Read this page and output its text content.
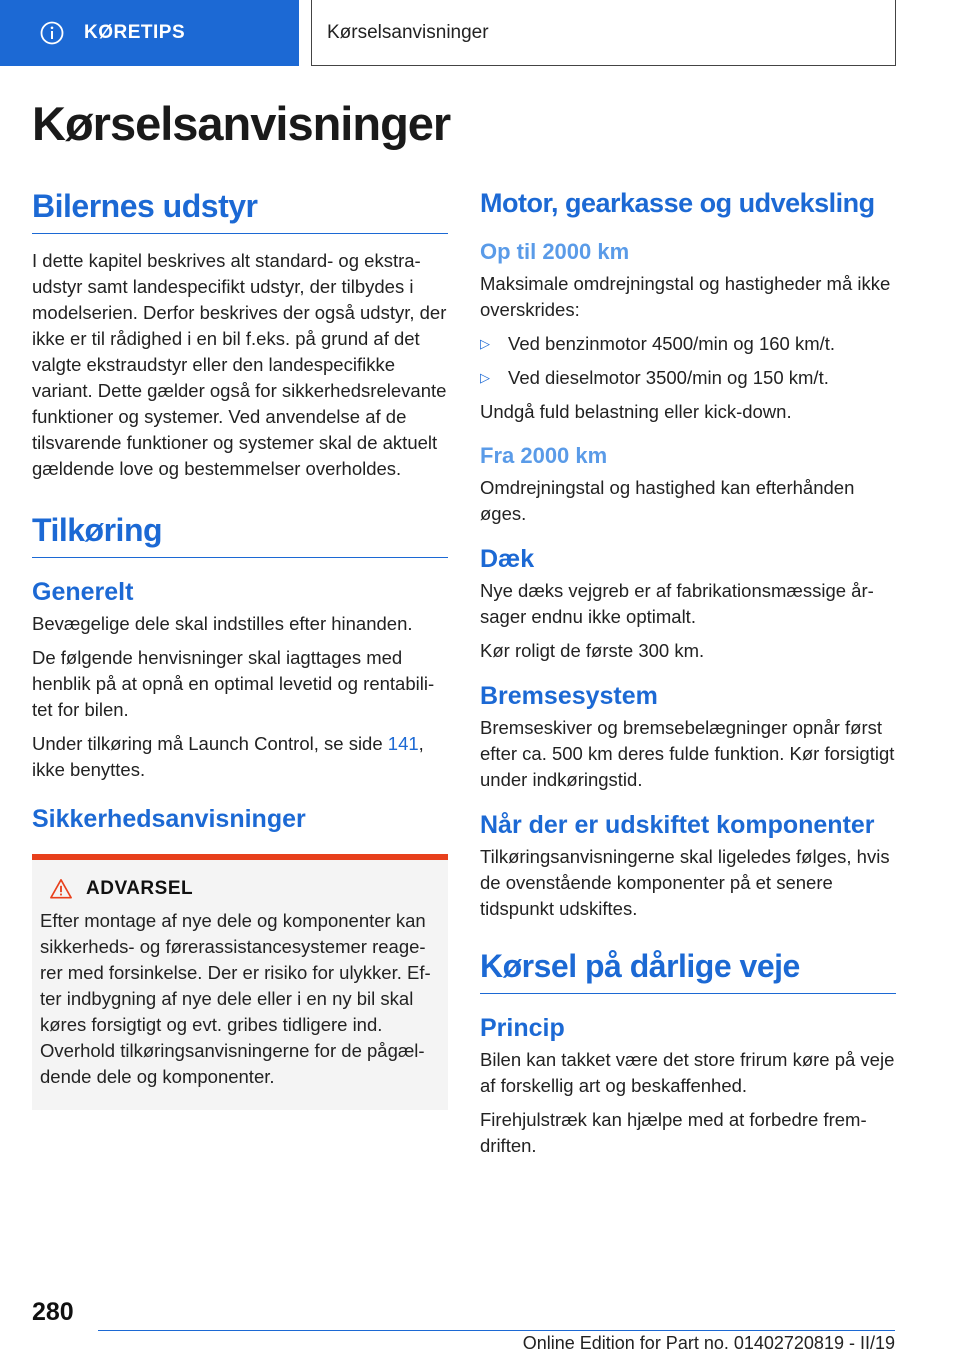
KØRETIPS	Kørselsanvisninger
Kørselsanvisninger
Bilernes udstyr
I dette kapitel beskrives alt standard- og ekstraudstyr samt landespecifikt udstyr, der tilbydes i modelserien. Derfor beskrives der også udstyr, der ikke er til rådighed i en bil f.eks. på grund af det valgte ekstraudstyr eller den landespecifikke variant. Dette gælder også for sikkerhedsrelevante funktioner og systemer. Ved anvendelse af de tilsvarende funktioner og systemer skal de aktuelt gældende love og bestemmelser overholdes.
Tilkøring
Generelt
Bevægelige dele skal indstilles efter hinanden.
De følgende henvisninger skal iagttages med henblik på at opnå en optimal levetid og rentabilitet for bilen.
Under tilkøring må Launch Control, se side 141, ikke benyttes.
Sikkerhedsanvisninger
ADVARSEL
Efter montage af nye dele og komponenter kan sikkerheds- og førerassistancesystemer reagerer med forsinkelse. Der er risiko for ulykker. Efter indbygning af nye dele eller i en ny bil skal køres forsigtigt og evt. gribes tidligere ind. Overhold tilkøringsanvisningerne for de pågældende dele og komponenter.
Motor, gearkasse og udveksling
Op til 2000 km
Maksimale omdrejningstal og hastigheder må ikke overskrides:
▷ Ved benzinmotor 4500/min og 160 km/t.
▷ Ved dieselmotor 3500/min og 150 km/t.
Undgå fuld belastning eller kick-down.
Fra 2000 km
Omdrejningstal og hastighed kan efterhånden øges.
Dæk
Nye dæks vejgreb er af fabrikationsmæssige årsager endnu ikke optimalt.
Kør roligt de første 300 km.
Bremsesystem
Bremseskiver og bremsebelægninger opnår først efter ca. 500 km deres fulde funktion. Kør forsigtigt under indkøringstid.
Når der er udskiftet komponenter
Tilkøringsanvisningerne skal ligeledes følges, hvis de ovenstående komponenter på et senere tidspunkt udskiftes.
Kørsel på dårlige veje
Princip
Bilen kan takket være det store frirum køre på veje af forskellig art og beskaffenhed.
Firehjulstræk kan hjælpe med at forbedre fremdriften.
280
Online Edition for Part no. 01402720819 - II/19
